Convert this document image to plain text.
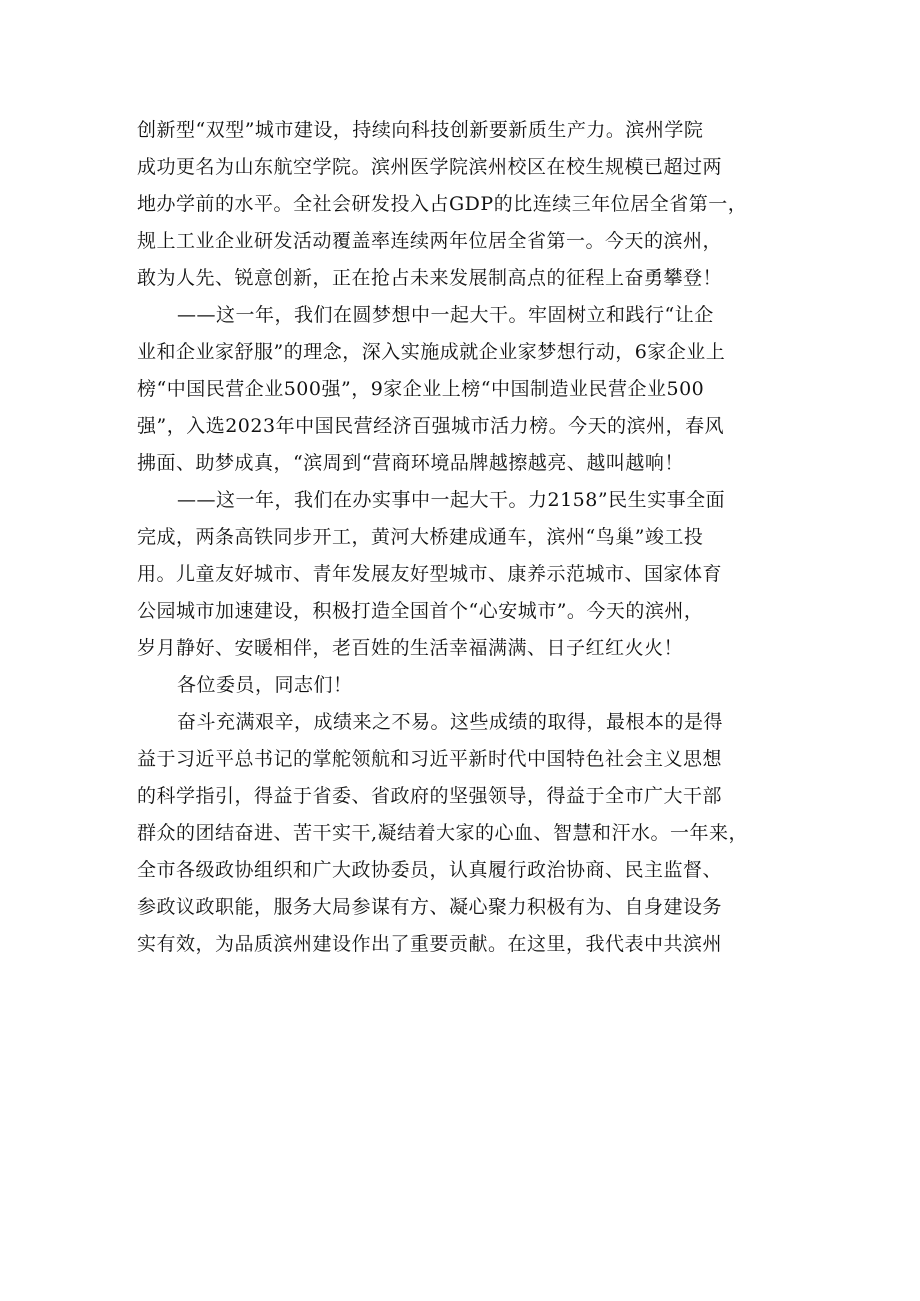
创新型“双型”城市建设，持续向科技创新要新质生产力。滨州学院
成功更名为山东航空学院。滨州医学院滨州校区在校生规模已超过两
地办学前的水平。全社会研发投入占GDP的比连续三年位居全省第一，
规上工业企业研发活动覆盖率连续两年位居全省第一。今天的滨州，
敢为人先、锐意创新，正在抢占未来发展制高点的征程上奋勇攀登！
——这一年，我们在圆梦想中一起大干。牢固树立和践行“让企
业和企业家舒服”的理念，深入实施成就企业家梦想行动，6家企业上
榜“中国民营企业500强”，9家企业上榜“中国制造业民营企业500
强”，入选2023年中国民营经济百强城市活力榜。今天的滨州，春风
拂面、助梦成真，“滨周到“营商环境品牌越擦越亮、越叫越响！
——这一年，我们在办实事中一起大干。力2158”民生实事全面
完成，两条高铁同步开工，黄河大桥建成通车，滨州“鸟巢”竣工投
用。儿童友好城市、青年发展友好型城市、康养示范城市、国家体育
公园城市加速建设，积极打造全国首个“心安城市”。今天的滨州，
岁月静好、安暖相伴，老百姓的生活幸福满满、日子红红火火！
各位委员，同志们！
奋斗充满艰辛，成绩来之不易。这些成绩的取得，最根本的是得
益于习近平总书记的掌舵领航和习近平新时代中国特色社会主义思想
的科学指引，得益于省委、省政府的坚强领导，得益于全市广大干部
群众的团结奋进、苦干实干,凝结着大家的心血、智慧和汗水。一年来，
全市各级政协组织和广大政协委员，认真履行政治协商、民主监督、
参政议政职能，服务大局参谋有方、凝心聚力积极有为、自身建设务
实有效，为品质滨州建设作出了重要贡献。在这里，我代表中共滨州
